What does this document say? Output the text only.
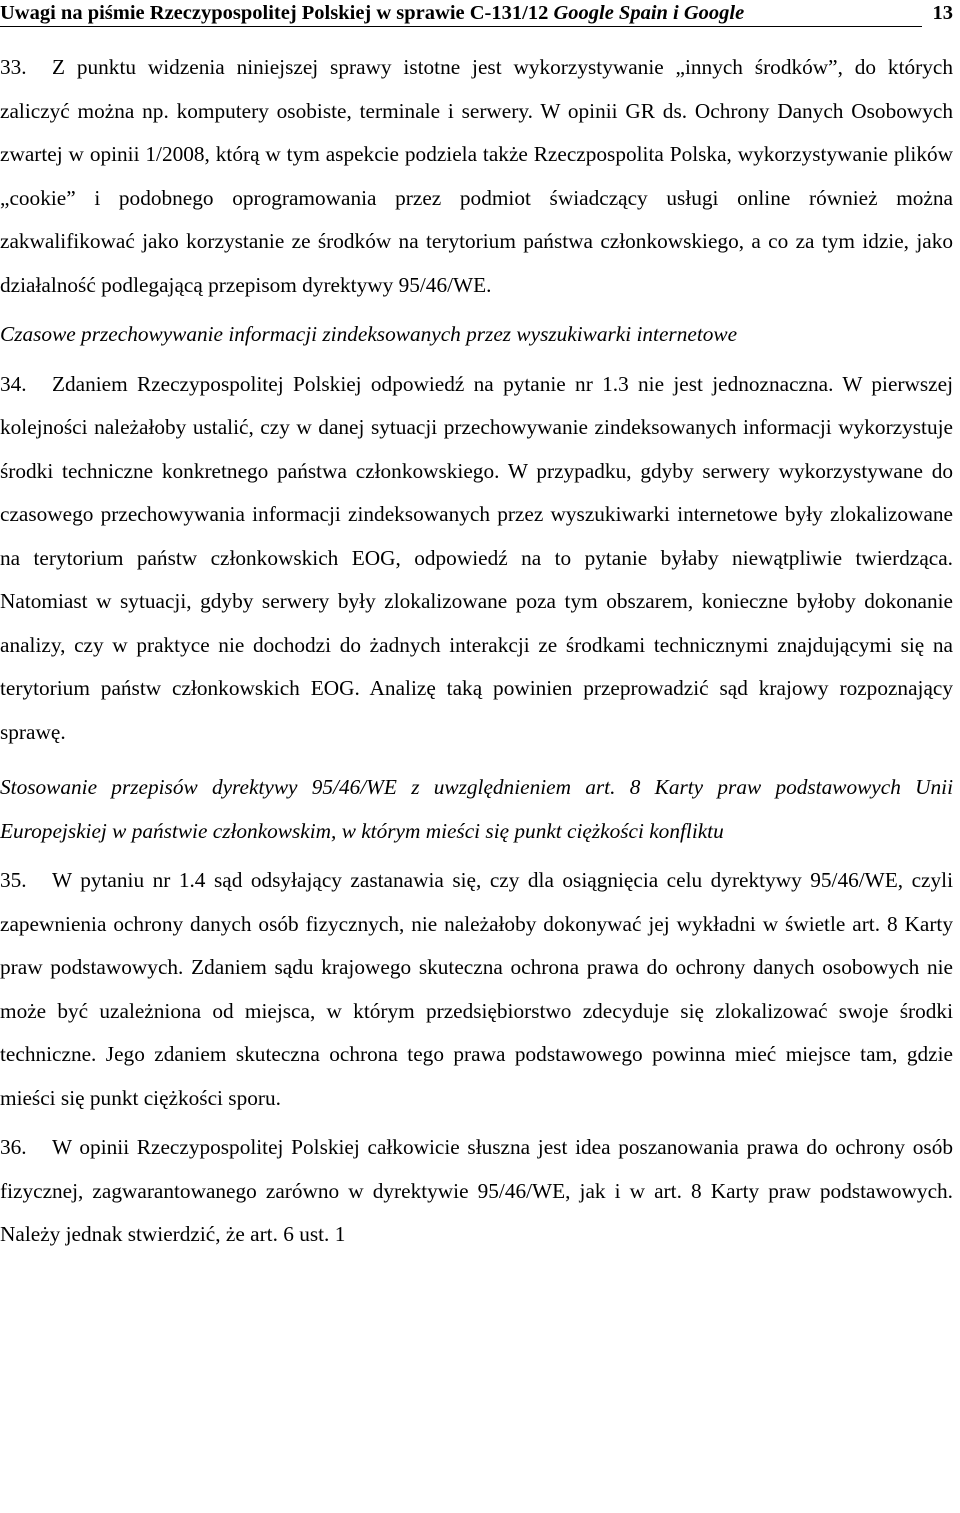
Uwagi na piśmie Rzeczypospolitej Polskiej w sprawie C-131/12 Google Spain i Google	13

33. Z punktu widzenia niniejszej sprawy istotne jest wykorzystywanie „innych środków”, do których zaliczyć można np. komputery osobiste, terminale i serwery. W opinii GR ds. Ochrony Danych Osobowych zwartej w opinii 1/2008, którą w tym aspekcie podziela także Rzeczpospolita Polska, wykorzystywanie plików „cookie” i podobnego oprogramowania przez podmiot świadczący usługi online również można zakwalifikować jako korzystanie ze środków na terytorium państwa członkowskiego, a co za tym idzie, jako działalność podlegającą przepisom dyrektywy 95/46/WE.

Czasowe przechowywanie informacji zindeksowanych przez wyszukiwarki internetowe

34. Zdaniem Rzeczypospolitej Polskiej odpowiedź na pytanie nr 1.3 nie jest jednoznaczna. W pierwszej kolejności należałoby ustalić, czy w danej sytuacji przechowywanie zindeksowanych informacji wykorzystuje środki techniczne konkretnego państwa członkowskiego. W przypadku, gdyby serwery wykorzystywane do czasowego przechowywania informacji zindeksowanych przez wyszukiwarki internetowe były zlokalizowane na terytorium państw członkowskich EOG, odpowiedź na to pytanie byłaby niewątpliwie twierdząca. Natomiast w sytuacji, gdyby serwery były zlokalizowane poza tym obszarem, konieczne byłoby dokonanie analizy, czy w praktyce nie dochodzi do żadnych interakcji ze środkami technicznymi znajdującymi się na terytorium państw członkowskich EOG. Analizę taką powinien przeprowadzić sąd krajowy rozpoznający sprawę.

Stosowanie przepisów dyrektywy 95/46/WE z uwzględnieniem art. 8 Karty praw podstawowych Unii Europejskiej w państwie członkowskim, w którym mieści się punkt ciężkości konfliktu

35. W pytaniu nr 1.4 sąd odsyłający zastanawia się, czy dla osiągnięcia celu dyrektywy 95/46/WE, czyli zapewnienia ochrony danych osób fizycznych, nie należałoby dokonywać jej wykładni w świetle art. 8 Karty praw podstawowych. Zdaniem sądu krajowego skuteczna ochrona prawa do ochrony danych osobowych nie może być uzależniona od miejsca, w którym przedsiębiorstwo zdecyduje się zlokalizować swoje środki techniczne. Jego zdaniem skuteczna ochrona tego prawa podstawowego powinna mieć miejsce tam, gdzie mieści się punkt ciężkości sporu.

36. W opinii Rzeczypospolitej Polskiej całkowicie słuszna jest idea poszanowania prawa do ochrony osób fizycznej, zagwarantowanego zarówno w dyrektywie 95/46/WE, jak i w art. 8 Karty praw podstawowych. Należy jednak stwierdzić, że art. 6 ust. 1
